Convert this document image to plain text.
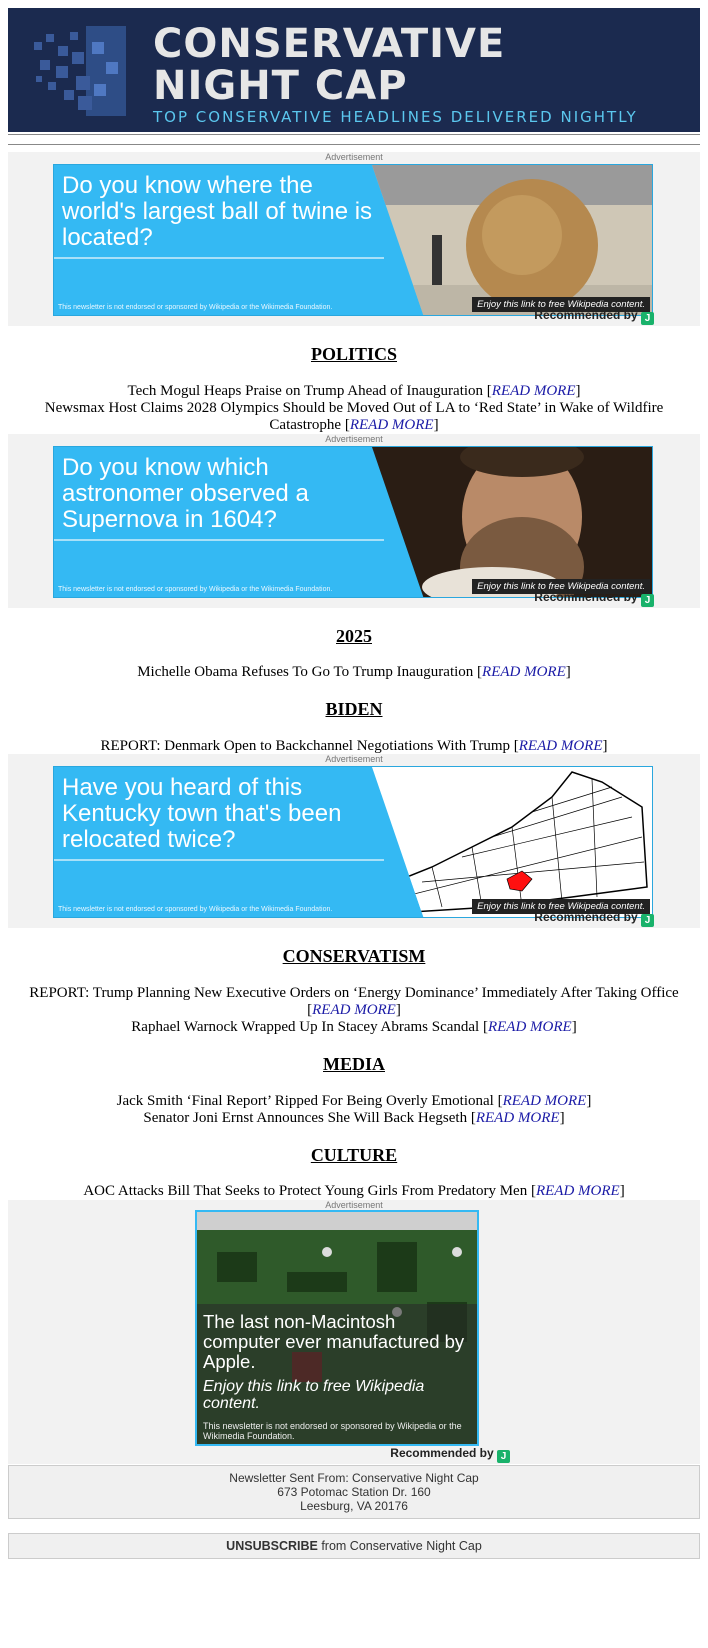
CONSERVATIVE
NIGHT CAP
TOP CONSERVATIVE HEADLINES DELIVERED NIGHTLY
Advertisement
Do you know where the world's largest ball of twine is located?
This newsletter is not endorsed or sponsored by Wikipedia or the Wikimedia Foundation.	Enjoy this link to free Wikipedia content.
Recommended by J
POLITICS
Tech Mogul Heaps Praise on Trump Ahead of Inauguration [READ MORE]
Newsmax Host Claims 2028 Olympics Should be Moved Out of LA to ‘Red State’ in Wake of Wildfire Catastrophe [READ MORE]
Advertisement
Do you know which astronomer observed a Supernova in 1604?
This newsletter is not endorsed or sponsored by Wikipedia or the Wikimedia Foundation.	Enjoy this link to free Wikipedia content.
Recommended by J
2025
Michelle Obama Refuses To Go To Trump Inauguration [READ MORE]
BIDEN
REPORT: Denmark Open to Backchannel Negotiations With Trump [READ MORE]
Advertisement
Have you heard of this Kentucky town that's been relocated twice?
This newsletter is not endorsed or sponsored by Wikipedia or the Wikimedia Foundation.	Enjoy this link to free Wikipedia content.
Recommended by J
CONSERVATISM
REPORT: Trump Planning New Executive Orders on ‘Energy Dominance’ Immediately After Taking Office [READ MORE]
Raphael Warnock Wrapped Up In Stacey Abrams Scandal [READ MORE]
MEDIA
Jack Smith ‘Final Report’ Ripped For Being Overly Emotional [READ MORE]
Senator Joni Ernst Announces She Will Back Hegseth [READ MORE]
CULTURE
AOC Attacks Bill That Seeks to Protect Young Girls From Predatory Men [READ MORE]
Advertisement
The last non-Macintosh computer ever manufactured by Apple.
Enjoy this link to free Wikipedia content.
This newsletter is not endorsed or sponsored by Wikipedia or the Wikimedia Foundation.
Recommended by J
Newsletter Sent From: Conservative Night Cap
673 Potomac Station Dr. 160
Leesburg, VA 20176
UNSUBSCRIBE from Conservative Night Cap
